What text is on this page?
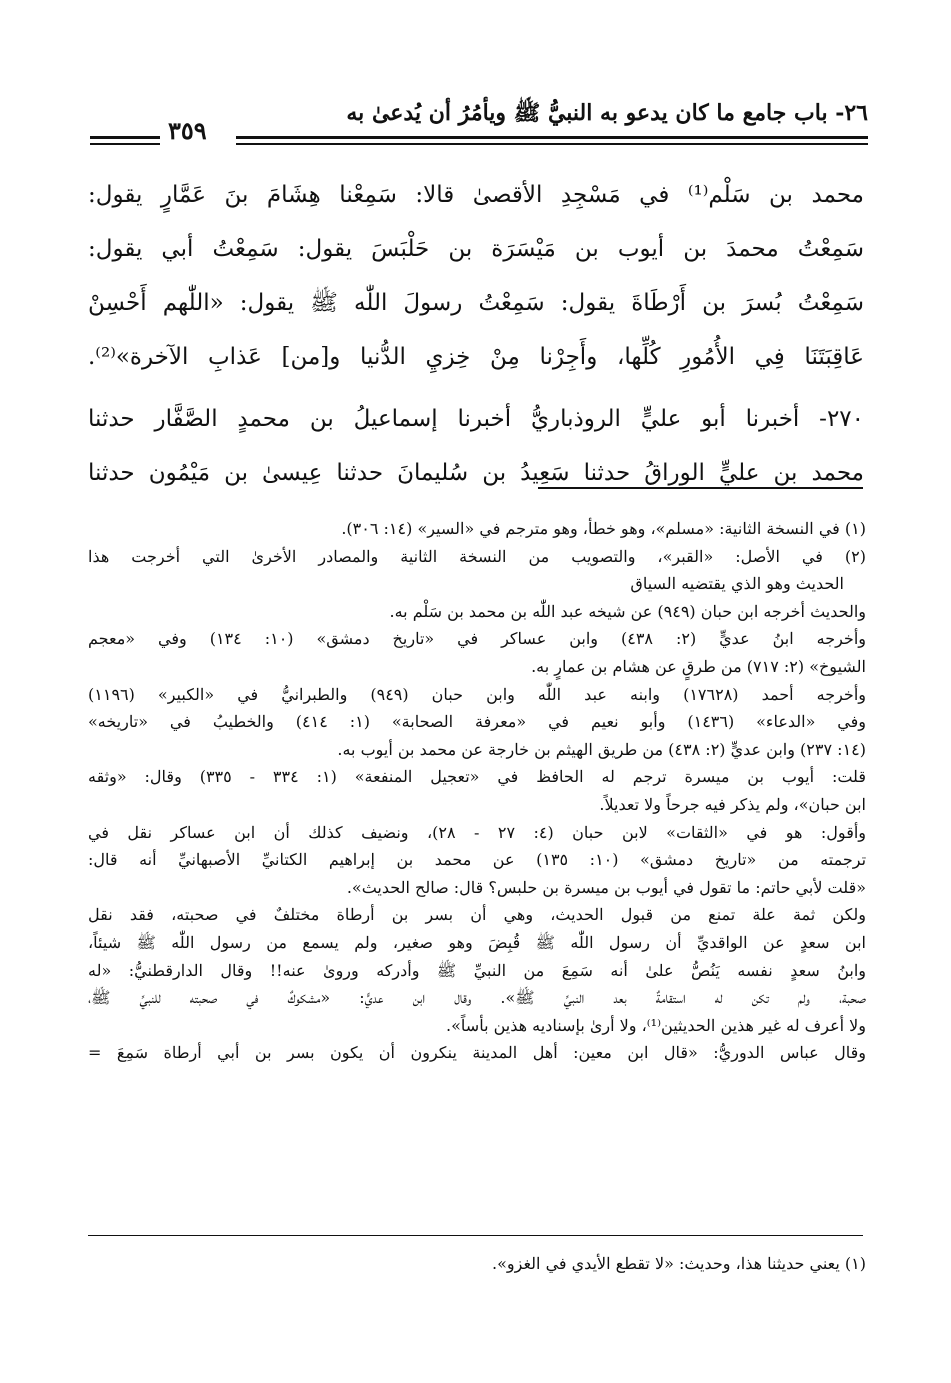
٢٦- باب جامع ما كان يدعو به النبيُّ ﷺ ويأمُرُ أن يُدعىٰ به
٣٥٩
محمد بن سَلْم⁽¹⁾ في مَسْجِدِ الأقصىٰ قالا: سَمِعْنا هِشَامَ بنَ عَمَّارٍ يقول:
سَمِعْتُ محمدَ بن أيوب بن مَيْسَرَة بن حَلْبَسَ يقول: سَمِعْتُ أبي يقول:
سَمِعْتُ بُسرَ بن أَرْطَاةَ يقول: سَمِعْتُ رسولَ اللّٰه ﷺ يقول: «اللّٰهم أَحْسِنْ
عَاقِبَتَنَا فِي الأُمُورِ كُلِّها، وأَجِرْنا مِنْ خِزيِ الدُّنيا و[من] عَذابِ الآخرة»⁽²⁾.
٢٧٠- أخبرنا أبو عليٍّ الروذباريُّ أخبرنا إسماعيلُ بن محمدٍ الصَّفَّار حدثنا
محمد بن عليٍّ الوراقُ حدثنا سَعِيدُ بن سُليمانَ حدثنا عِيسىٰ بن مَيْمُون حدثنا
(١) في النسخة الثانية: «مسلم»، وهو خطأ، وهو مترجم في «السير» (١٤: ٣٠٦).
(٢) في الأصل: «القبر»، والتصويب من النسخة الثانية والمصادر الأخرىٰ التي أخرجت هذا
الحديث وهو الذي يقتضيه السياق
والحديث أخرجه ابن حبان (٩٤٩) عن شيخه عبد اللّٰه بن محمد بن سَلْم به.
وأخرجه ابنُ عديٍّ (٢: ٤٣٨) وابن عساكر في «تاريخ دمشق» (١٠: ١٣٤) وفي «معجم
الشيوخ» (٢: ٧١٧) من طرقٍ عن هشام بن عمارٍ به.
وأخرجه أحمد (١٧٦٢٨) وابنه عبد اللّٰه وابن حبان (٩٤٩) والطبرانيُّ في «الكبير» (١١٩٦)
وفي «الدعاء» (١٤٣٦) وأبو نعيم في «معرفة الصحابة» (١: ٤١٤) والخطيبُ في «تاريخه»
(١٤: ٢٣٧) وابن عديٍّ (٢: ٤٣٨) من طريق الهيثم بن خارجة عن محمد بن أيوب به.
قلت: أيوب بن ميسرة ترجم له الحافظ في «تعجيل المنفعة» (١: ٣٣٤ - ٣٣٥) وقال: «وثقه
ابن حبان»، ولم يذكر فيه جرحاً ولا تعديلاً.
وأقول: هو في «الثقات» لابن حبان (٤: ٢٧ - ٢٨)، ونضيف كذلك أن ابن عساكر نقل في
ترجمته من «تاريخ دمشق» (١٠: ١٣٥) عن محمد بن إبراهيم الكتانيِّ الأصبهانيِّ أنه قال:
«قلت لأبي حاتم: ما تقول في أيوب بن ميسرة بن حلبس؟ قال: صالح الحديث».
ولكن ثمة علة تمنع من قبول الحديث، وهي أن بسر بن أرطاة مختلفٌ في صحبته، فقد نقل
ابن سعدٍ عن الواقديِّ أن رسول اللّٰه ﷺ قُبِضَ وهو صغير، ولم يسمع من رسول اللّٰه ﷺ شيئاً،
وابنُ سعدٍ نفسه يَنُصُّ علىٰ أنه سَمِعَ من النبيِّ ﷺ وأدركه وروىٰ عنه!! وقال الدارقطنيُّ: «له
صحبة، ولم تكن له استقامةٌ بعد النبيِّ ﷺ». وقال ابن عديٍّ: «مشكوكٌ في صحبته للنبيِّ ﷺ،
ولا أعرف له غير هذين الحديثين⁽¹⁾، ولا أرىٰ بإسناديه هذين بأساً».
وقال عباس الدوريُّ: «قال ابن معين: أهل المدينة ينكرون أن يكون بسر بن أبي أرطاة سَمِعَ =
(١) يعني حديثنا هذا، وحديث: «لا تقطع الأيدي في الغزو».
